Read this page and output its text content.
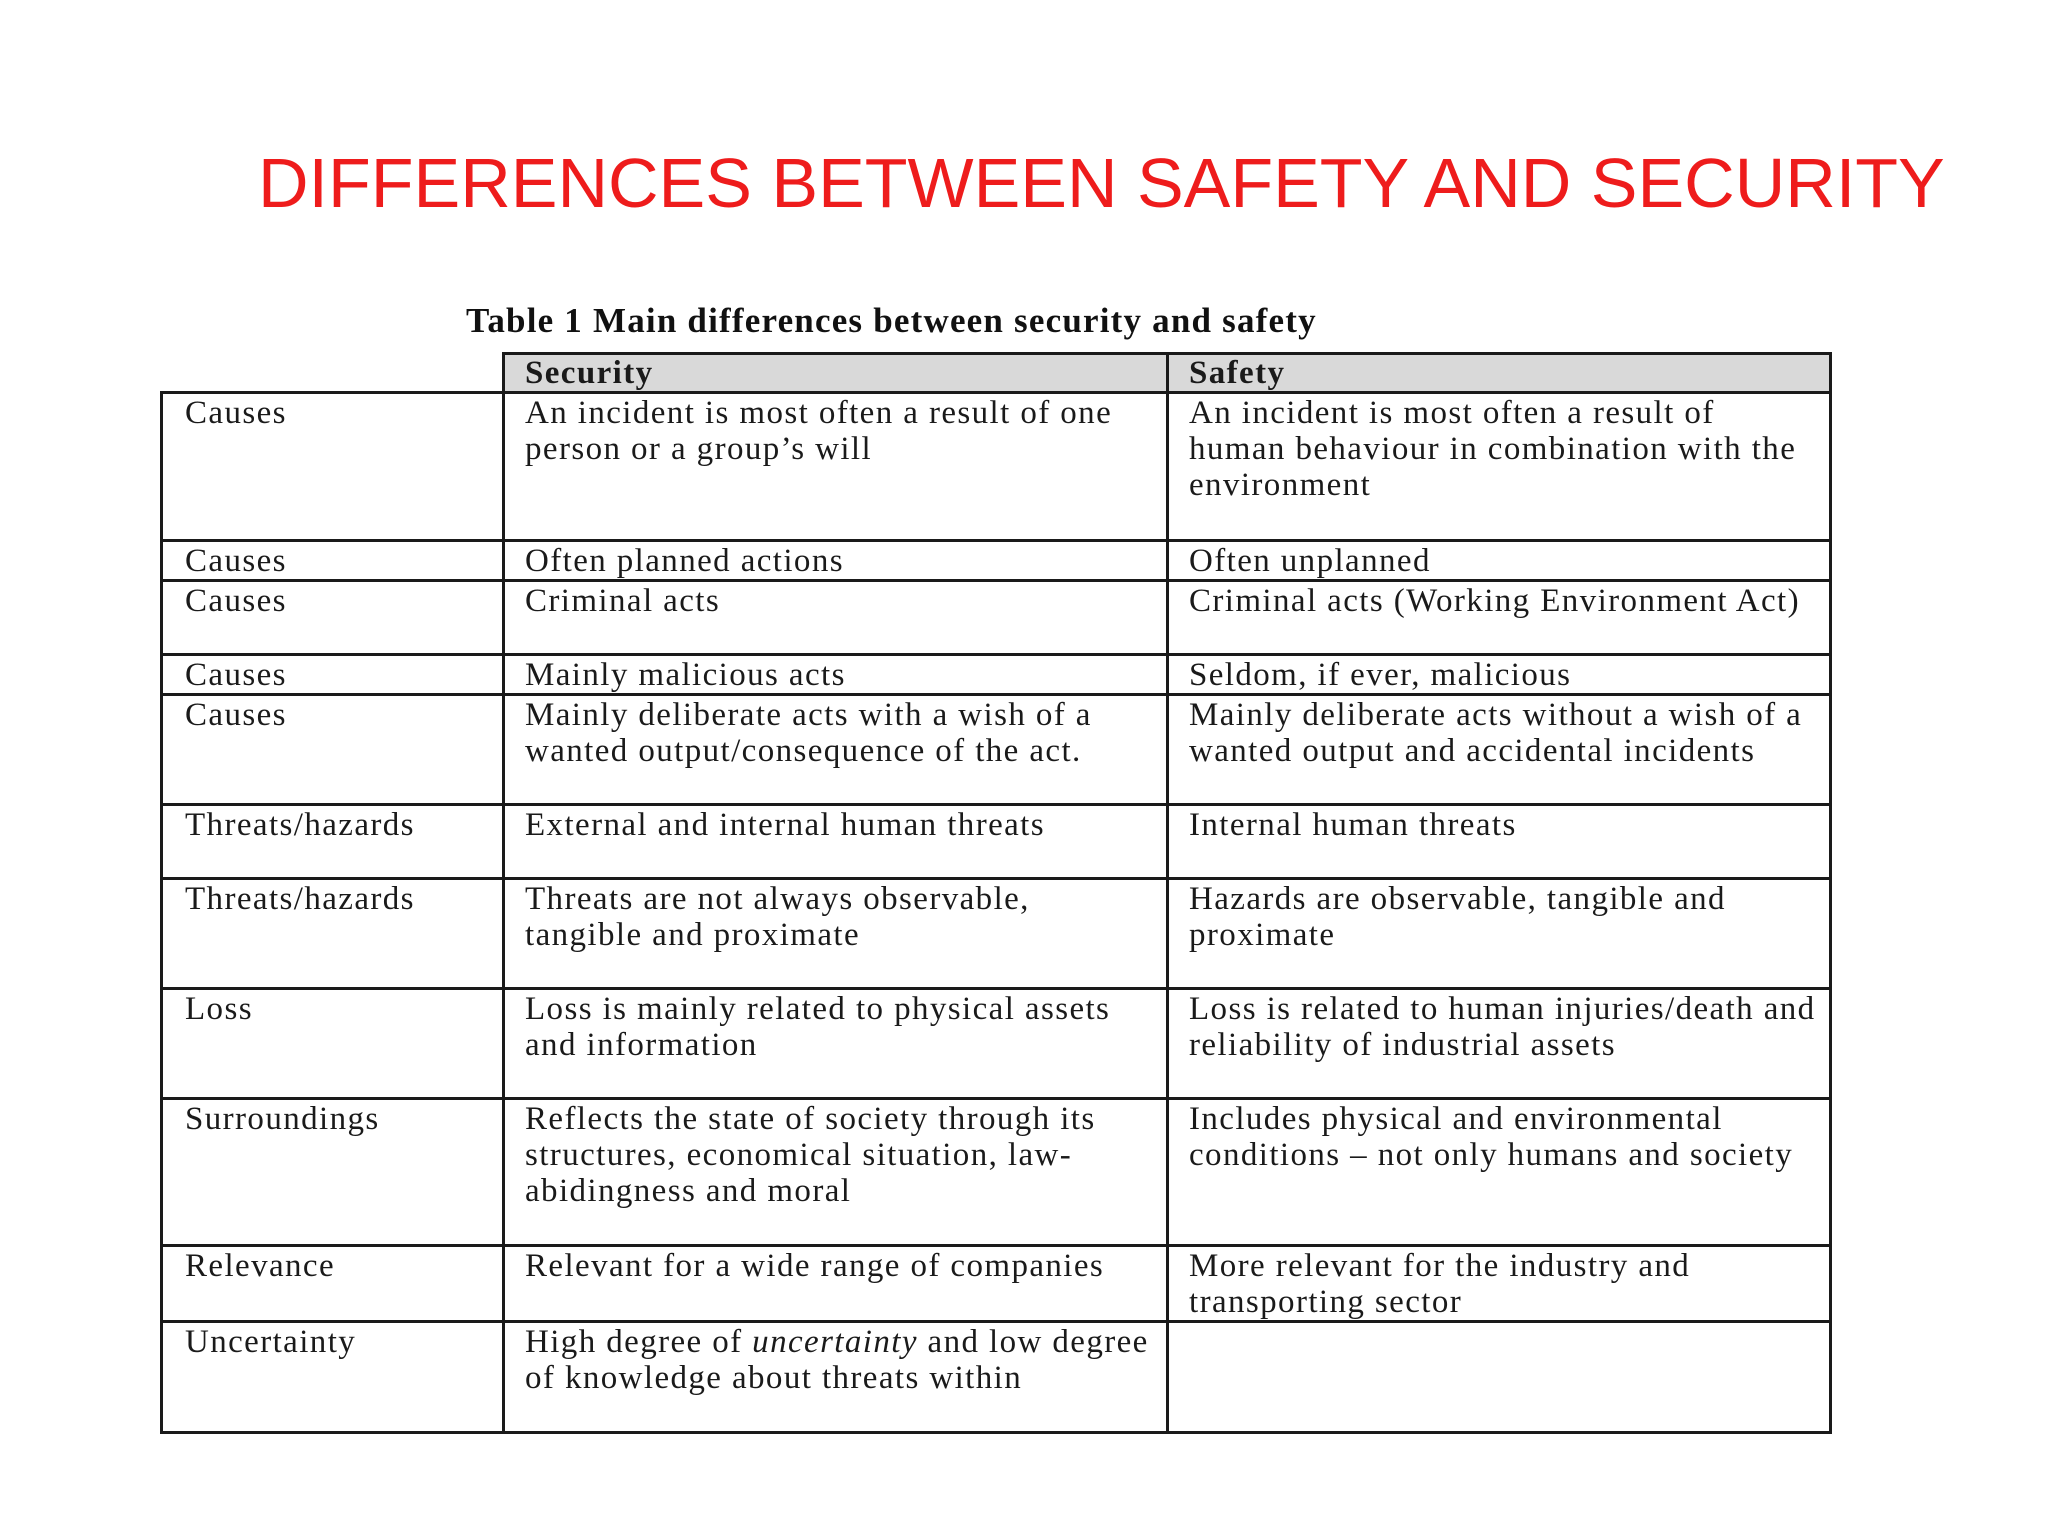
DIFFERENCES BETWEEN SAFETY AND SECURITY
Table 1 Main differences between security and safety
	Security	Safety
Causes	An incident is most often a result of one person or a group’s will	An incident is most often a result of human behaviour in combination with the environment
Causes	Often planned actions	Often unplanned
Causes	Criminal acts	Criminal acts (Working Environment Act)
Causes	Mainly malicious acts	Seldom, if ever, malicious
Causes	Mainly deliberate acts with a wish of a wanted output/consequence of the act.	Mainly deliberate acts without a wish of a wanted output and accidental incidents
Threats/hazards	External and internal human threats	Internal human threats
Threats/hazards	Threats are not always observable, tangible and proximate	Hazards are observable, tangible and proximate
Loss	Loss is mainly related to physical assets and information	Loss is related to human injuries/death and reliability of industrial assets
Surroundings	Reflects the state of society through its structures, economical situation, law-abidingness and moral	Includes physical and environmental conditions – not only humans and society
Relevance	Relevant for a wide range of companies	More relevant for the industry and transporting sector
Uncertainty	High degree of uncertainty and low degree of knowledge about threats within	
